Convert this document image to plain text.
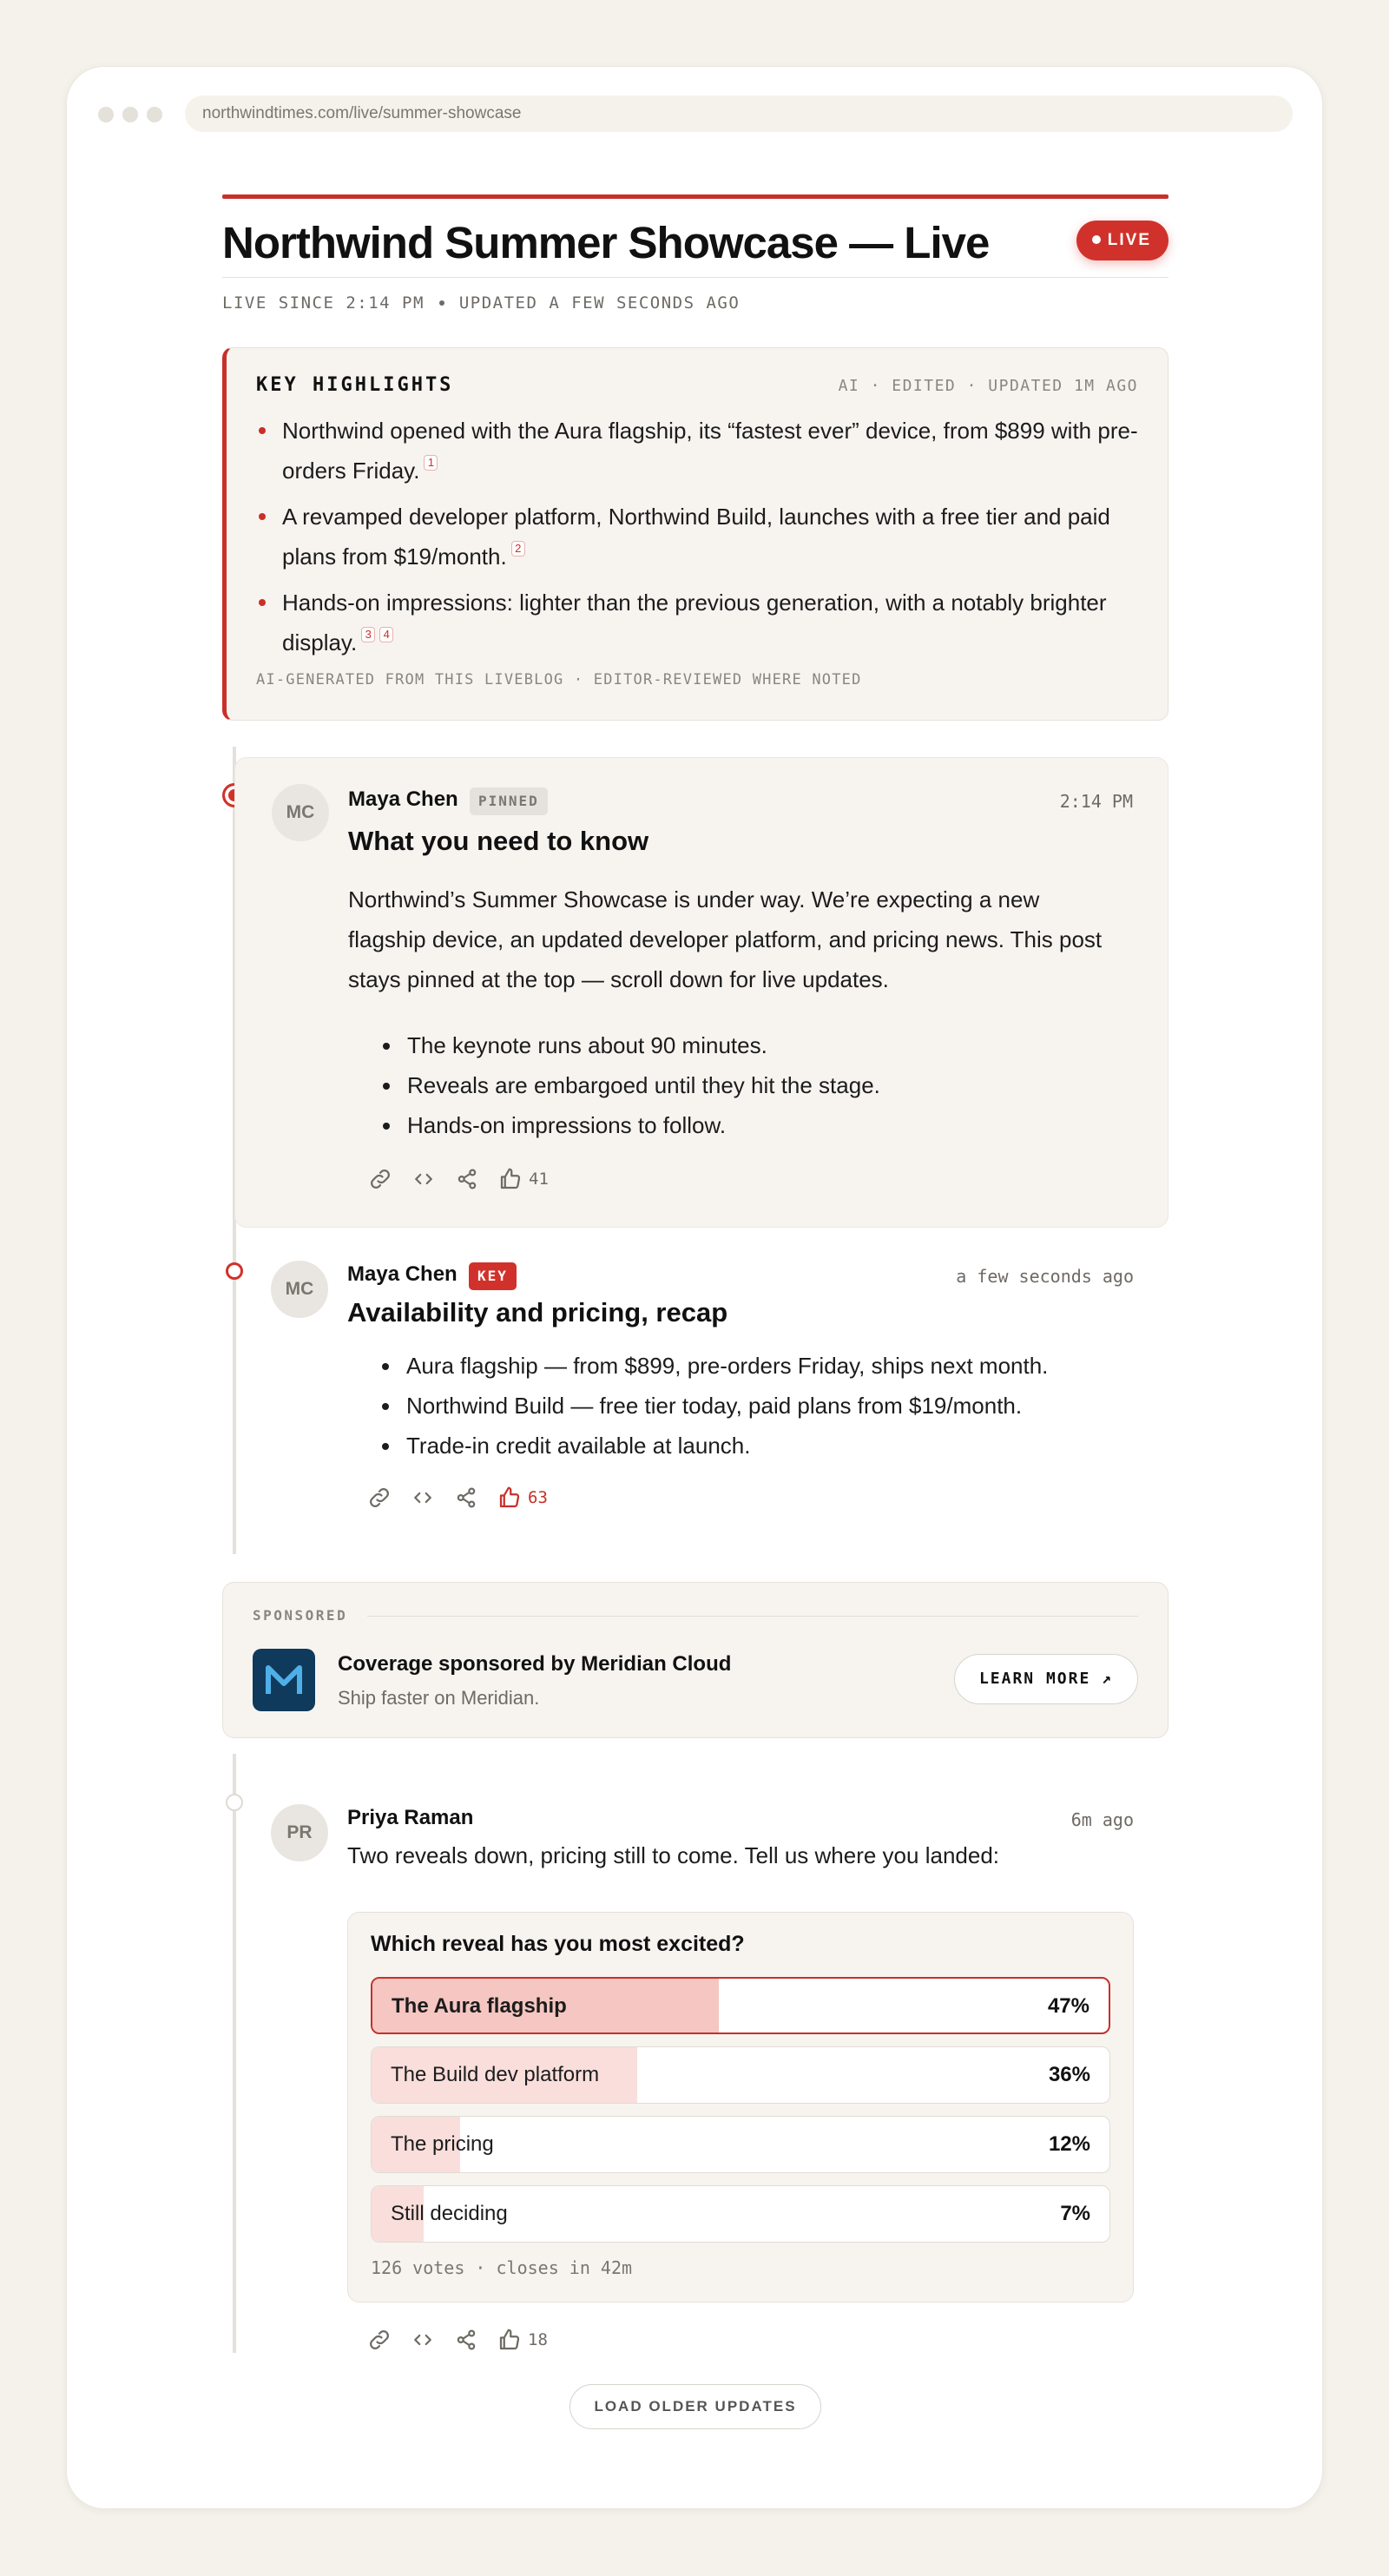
northwindtimes.com/live/summer-showcase
Northwind Summer Showcase — Live	LIVE
LIVE SINCE 2:14 PM UPDATED A FEW SECONDS AGO
KEY HIGHLIGHTS	AI · EDITED · UPDATED 1M AGO
Northwind opened with the Aura flagship, its “fastest ever” device, from $899 with pre-orders Friday. 1
A revamped developer platform, Northwind Build, launches with a free tier and paid plans from $19/month. 2
Hands-on impressions: lighter than the previous generation, with a notably brighter display. 3 4
AI-GENERATED FROM THIS LIVEBLOG · EDITOR-REVIEWED WHERE NOTED
MC
Maya Chen	PINNED	2:14 PM
What you need to know
Northwind’s Summer Showcase is under way. We’re expecting a new flagship device, an updated developer platform, and pricing news. This post stays pinned at the top — scroll down for live updates.
The keynote runs about 90 minutes.
Reveals are embargoed until they hit the stage.
Hands-on impressions to follow.
41
MC
Maya Chen	KEY	a few seconds ago
Availability and pricing, recap
Aura flagship — from $899, pre-orders Friday, ships next month.
Northwind Build — free tier today, paid plans from $19/month.
Trade-in credit available at launch.
63
SPONSORED
Coverage sponsored by Meridian Cloud
Ship faster on Meridian.
LEARN MORE ↗
PR
Priya Raman	6m ago
Two reveals down, pricing still to come. Tell us where you landed:
Which reveal has you most excited?
The Aura flagship	47%
The Build dev platform	36%
The pricing	12%
Still deciding	7%
126 votes · closes in 42m
18
LOAD OLDER UPDATES
